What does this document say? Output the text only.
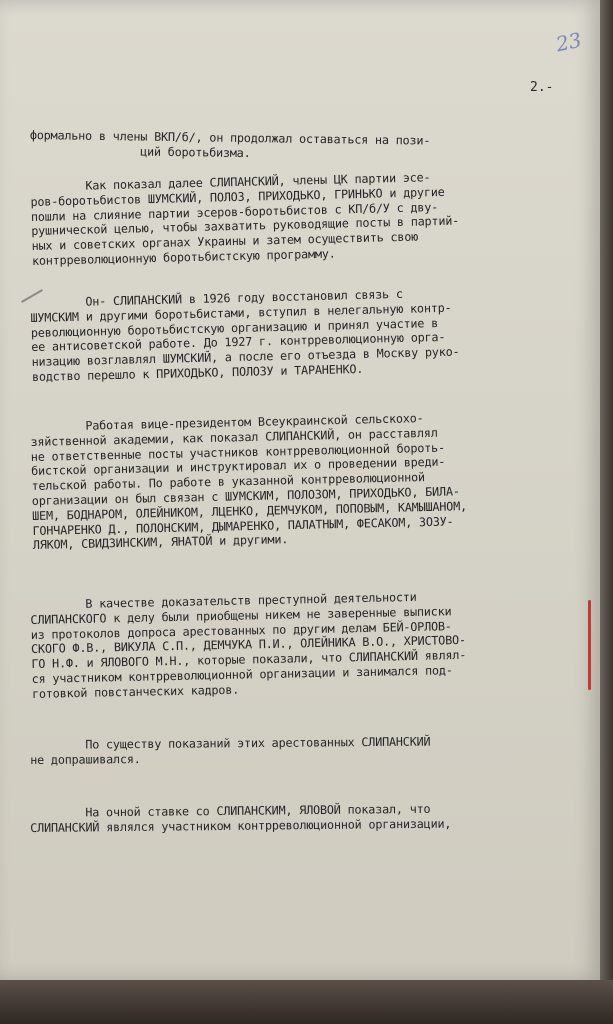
23
2.-
формально в члены ВКП/б/, он продолжал оставаться на пози-
ций боротьбизма.
Как показал далее СЛИПАНСКИЙ, члены ЦК партии эсе-
ров-боротьбистов ШУМСКИЙ, ПОЛОЗ, ПРИХОДЬКО, ГРИНЬКО и другие
пошли на слияние партии эсеров-боротьбистов с КП/б/У с дву-
рушнической целью, чтобы захватить руководящие посты в партий-
ных и советских органах Украины и затем осуществить свою
контрреволюционную боротьбистскую программу.
Он- СЛИПАНСКИЙ в 1926 году восстановил связь с
ШУМСКИМ и другими боротьбистами, вступил в нелегальную контр-
революционную боротьбистскую организацию и принял участие в
ее антисоветской работе. До 1927 г. контрреволюционную орга-
низацию возглавлял ШУМСКИЙ, а после его отъезда в Москву руко-
водство перешло к ПРИХОДЬКО, ПОЛОЗУ и ТАРАНЕНКО.
Работая вице-президентом Всеукраинской сельскохо-
зяйственной академии, как показал СЛИПАНСКИЙ, он расставлял
не ответственные посты участников контрреволюционной бороть-
бистской организации и инструктировал их о проведении вреди-
тельской работы. По работе в указанной контрреволюционной
организации он был связан с ШУМСКИМ, ПОЛОЗОМ, ПРИХОДЬКО, БИЛА-
ШЕМ, БОДНАРОМ, ОЛЕЙНИКОМ, ЛЦЕНКО, ДЕМЧУКОМ, ПОПОВЫМ, КАМЫШАНОМ,
ГОНЧАРЕНКО Д., ПОЛОНСКИМ, ДЫМАРЕНКО, ПАЛАТНЫМ, ФЕСАКОМ, ЗОЗУ-
ЛЯКОМ, СВИДЗИНСКИМ, ЯНАТОЙ и другими.
В качестве доказательств преступной деятельности
СЛИПАНСКОГО к делу были приобщены никем не заверенные выписки
из протоколов допроса арестованных по другим делам БЕЙ-ОРЛОВ-
СКОГО Ф.В., ВИКУЛА С.П., ДЕМЧУКА П.И., ОЛЕЙНИКА В.О., ХРИСТОВО-
ГО Н.Ф. и ЯЛОВОГО М.Н., которые показали, что СЛИПАНСКИЙ являл-
ся участником контрреволюционной организации и занимался под-
готовкой повстанческих кадров.
По существу показаний этих арестованных СЛИПАНСКИЙ
не допрашивался.
На очной ставке со СЛИПАНСКИМ, ЯЛОВОЙ показал, что
СЛИПАНСКИЙ являлся участником контрреволюционной организации,
